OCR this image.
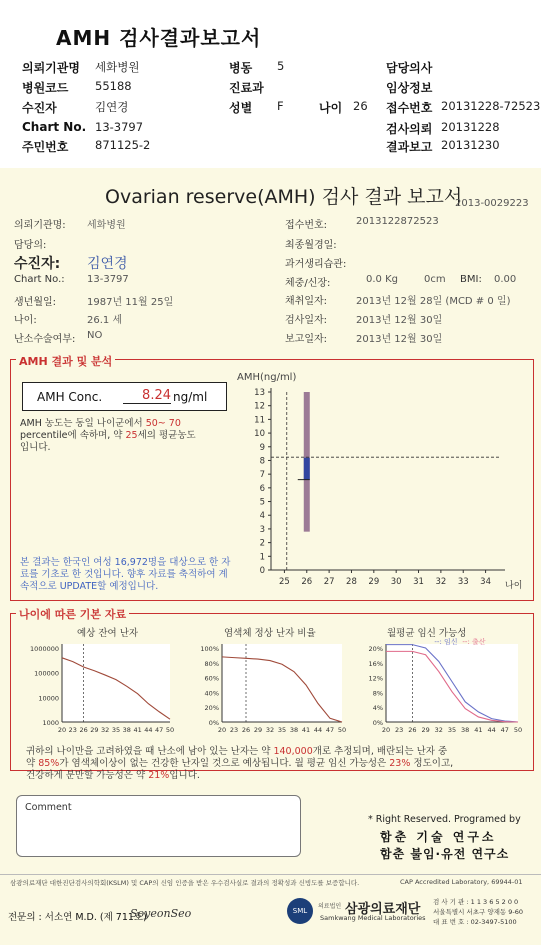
AMH 검사결과보고서
의뢰기관명 세화병원	병동 5	담당의사
병원코드 55188	진료과	임상정보
수진자	김연경	성별 F	나이 26 접수번호 20131228-72523
Chart No. 13-3797	검사의뢰 20131228
주민번호 871125-2	결과보고 20131230
Ovarian reserve(AMH) 검사 결과 보고서
2013-0029223
의뢰기관명: 세화병원
담당의:
수진자: 김연경
Chart No.: 13-3797
생년월일:	1987년 11월 25일
나이:	26.1 세
난소수술여부: NO
접수번호:	2013122872523
최종월경일:
과거생리습관:
체중/신장:	0.0 Kg	0cm BMI: 0.00
채취일자:	2013년 12월 28일 (MCD # 0 일)
검사일자:	2013년 12월 30일
보고일자:	2013년 12월 30일
AMH 결과 및 분석
AMH Conc.	8.24 ng/ml
AMH 농도는 동일 나이군에서 50~ 70
percentile에 속하며, 약 25세의 평균농도
입니다.
본 결과는 한국인 여성 16,972명을 대상으로 한 자료를 기초로 한 것입니다. 향후 자료를 축적하여 계속적으로 UPDATE할 예정입니다.
AMH(ng/ml)
0
1
2
3
4
5
6
7
8
9
10
11
12
13
25 26 27 28 29 30 31 32 33 34 나이
나이에 따른 기본 자료
예상 잔여 난자	염색체 정상 난자 비율	월평균 임신 가능성
1000000
100000
10000
1000
20 23 26 29 32 35 38 41 44 47 50
100%
80%
60%
40%
20%
0%
20 23 26 29 32 35 38 41 44 47 50
20%
16%
12%
8%
4%
0%
20 23 26 29 32 35 38 41 44 47 50
--: 임신 --: 출산
귀하의 나이만을 고려하였을 때 난소에 남아 있는 난자는 약 140,000개로 추정되며, 배란되는 난자 중
약 85%가 염색체이상이 없는 건강한 난자일 것으로 예상됩니다. 월 평균 임신 가능성은 23% 정도이고,
건강하게 분만할 가능성은 약 21%입니다.
Comment
* Right Reserved. Programed by
함춘 기술 연구소
함춘 불임·유전 연구소
삼광의료재단 대한진단검사의학회(KSLM) 및 CAP의 신임 인증을 받은 우수검사실로 결과의 정확성과 신빙도를 보증합니다.	CAP Accredited Laboratory, 69944-01
전문의 : 서소연 M.D. (제 711호)
SoyeonSeo	SML
의료법인 삼광의료재단
Samkwang Medical Laboratories
검 사 기 관 : 1 1 3 6 5 2 0 0
서울특별시 서초구 양재동 9-60
대 표 번 호 : 02-3497-5100
